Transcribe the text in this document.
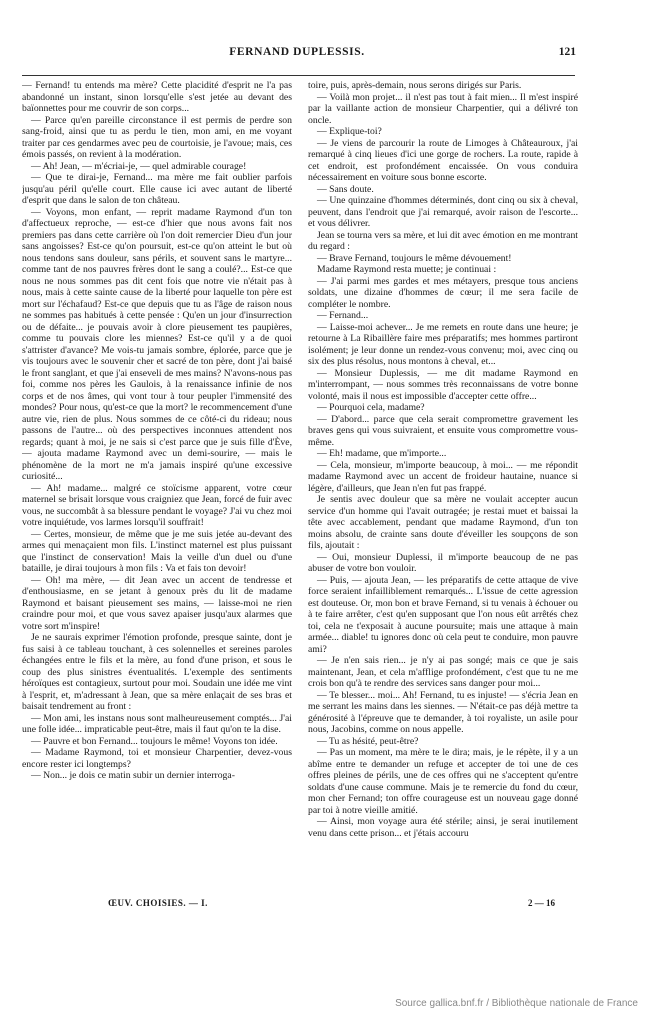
FERNAND DUPLESSIS.	121

— Fernand! tu entends ma mère? Cette placidité d'esprit ne l'a pas abandonné un instant, sinon lorsqu'elle s'est jetée au devant des baïonnettes pour me couvrir de son corps...

— Parce qu'en pareille circonstance il est permis de perdre son sang-froid, ainsi que tu as perdu le tien, mon ami, en me voyant traiter par ces gendarmes avec peu de courtoisie, je l'avoue; mais, ces émois passés, on revient à la modération.

— Ah! Jean, — m'écriai-je, — quel admirable courage!

— Que te dirai-je, Fernand... ma mère me fait oublier parfois jusqu'au péril qu'elle court. Elle cause ici avec autant de liberté d'esprit que dans le salon de ton château.

— Voyons, mon enfant, — reprit madame Raymond d'un ton d'affectueux reproche, — est-ce d'hier que nous avons fait nos premiers pas dans cette carrière où l'on doit remercier Dieu d'un jour sans angoisses? Est-ce qu'on poursuit, est-ce qu'on atteint le but où nous tendons sans douleur, sans périls, et souvent sans le martyre... comme tant de nos pauvres frères dont le sang a coulé?... Est-ce que nous ne nous sommes pas dit cent fois que notre vie n'était pas à nous, mais à cette sainte cause de la liberté pour laquelle ton père est mort sur l'échafaud? Est-ce que depuis que tu as l'âge de raison nous ne sommes pas habitués à cette pensée : Qu'en un jour d'insurrection ou de défaite... je pouvais avoir à clore pieusement tes paupières, comme tu pouvais clore les miennes? Est-ce qu'il y a de quoi s'attrister d'avance? Me vois-tu jamais sombre, éplorée, parce que je vis toujours avec le souvenir cher et sacré de ton père, dont j'ai baisé le front sanglant, et que j'ai enseveli de mes mains? N'avons-nous pas foi, comme nos pères les Gaulois, à la renaissance infinie de nos corps et de nos âmes, qui vont tour à tour peupler l'immensité des mondes? Pour nous, qu'est-ce que la mort? le recommencement d'une autre vie, rien de plus. Nous sommes de ce côté-ci du rideau; nous passons de l'autre... où des perspectives inconnues attendent nos regards; quant à moi, je ne sais si c'est parce que je suis fille d'Ève, — ajouta madame Raymond avec un demi-sourire, — mais le phénomène de la mort ne m'a jamais inspiré qu'une excessive curiosité...

— Ah! madame... malgré ce stoïcisme apparent, votre cœur maternel se brisait lorsque vous craigniez que Jean, forcé de fuir avec vous, ne succombât à sa blessure pendant le voyage? J'ai vu chez moi votre inquiétude, vos larmes lorsqu'il souffrait!

— Certes, monsieur, de même que je me suis jetée au-devant des armes qui menaçaient mon fils. L'instinct maternel est plus puissant que l'instinct de conservation! Mais la veille d'un duel ou d'une bataille, je dirai toujours à mon fils : Va et fais ton devoir!

— Oh! ma mère, — dit Jean avec un accent de tendresse et d'enthousiasme, en se jetant à genoux près du lit de madame Raymond et baisant pieusement ses mains, — laisse-moi ne rien craindre pour moi, et que vous savez apaiser jusqu'aux alarmes que votre sort m'inspire!

Je ne saurais exprimer l'émotion profonde, presque sainte, dont je fus saisi à ce tableau touchant, à ces solennelles et sereines paroles échangées entre le fils et la mère, au fond d'une prison, et sous le coup des plus sinistres éventualités. L'exemple des sentiments héroïques est contagieux, surtout pour moi. Soudain une idée me vint à l'esprit, et, m'adressant à Jean, que sa mère enlaçait de ses bras et baisait tendrement au front :

— Mon ami, les instans nous sont malheureusement comptés... J'ai une folle idée... impraticable peut-être, mais il faut qu'on te la dise.

— Pauvre et bon Fernand... toujours le même! Voyons ton idée.

— Madame Raymond, toi et monsieur Charpentier, devez-vous encore rester ici longtemps?

— Non... je dois ce matin subir un dernier interroga-

toire, puis, après-demain, nous serons dirigés sur Paris.

— Voilà mon projet... il n'est pas tout à fait mien... Il m'est inspiré par la vaillante action de monsieur Charpentier, qui a délivré ton oncle.

— Explique-toi?

— Je viens de parcourir la route de Limoges à Châteauroux, j'ai remarqué à cinq lieues d'ici une gorge de rochers. La route, rapide à cet endroit, est profondément encaissée. On vous conduira nécessairement en voiture sous bonne escorte.

— Sans doute.

— Une quinzaine d'hommes déterminés, dont cinq ou six à cheval, peuvent, dans l'endroit que j'ai remarqué, avoir raison de l'escorte... et vous délivrer.

Jean se tourna vers sa mère, et lui dit avec émotion en me montrant du regard :

— Brave Fernand, toujours le même dévouement!

Madame Raymond resta muette; je continuai :

— J'ai parmi mes gardes et mes métayers, presque tous anciens soldats, une dizaine d'hommes de cœur; il me sera facile de compléter le nombre.

— Fernand...

— Laisse-moi achever... Je me remets en route dans une heure; je retourne à La Ribaillère faire mes préparatifs; mes hommes partiront isolément; je leur donne un rendez-vous convenu; moi, avec cinq ou six des plus résolus, nous montons à cheval, et...

— Monsieur Duplessis, — me dit madame Raymond en m'interrompant, — nous sommes très reconnaissans de votre bonne volonté, mais il nous est impossible d'accepter cette offre...

— Pourquoi cela, madame?

— D'abord... parce que cela serait compromettre gravement les braves gens qui vous suivraient, et ensuite vous compromettre vous-même.

— Eh! madame, que m'importe...

— Cela, monsieur, m'importe beaucoup, à moi... — me répondit madame Raymond avec un accent de froideur hautaine, nuance si légère, d'ailleurs, que Jean n'en fut pas frappé.

Je sentis avec douleur que sa mère ne voulait accepter aucun service d'un homme qui l'avait outragée; je restai muet et baissai la tête avec accablement, pendant que madame Raymond, d'un ton moins absolu, de crainte sans doute d'éveiller les soupçons de son fils, ajoutait :

— Oui, monsieur Duplessi, il m'importe beaucoup de ne pas abuser de votre bon vouloir.

— Puis, — ajouta Jean, — les préparatifs de cette attaque de vive force seraient infailliblement remarqués... L'issue de cette agression est douteuse. Or, mon bon et brave Fernand, si tu venais à échouer ou à te faire arrêter, c'est qu'en supposant que l'on nous eût arrêtés chez toi, cela ne t'exposait à aucune poursuite; mais une attaque à main armée... diable! tu ignores donc où cela peut te conduire, mon pauvre ami?

— Je n'en sais rien... je n'y ai pas songé; mais ce que je sais maintenant, Jean, et cela m'afflige profondément, c'est que tu ne me crois bon qu'à te rendre des services sans danger pour moi...

— Te blesser... moi... Ah! Fernand, tu es injuste! — s'écria Jean en me serrant les mains dans les siennes. — N'était-ce pas déjà mettre ta générosité à l'épreuve que te demander, à toi royaliste, un asile pour nous, Jacobins, comme on nous appelle.

— Tu as hésité, peut-être?

— Pas un moment, ma mère te le dira; mais, je le répète, il y a un abîme entre te demander un refuge et accepter de toi une de ces offres pleines de périls, une de ces offres qui ne s'acceptent qu'entre soldats d'une cause commune. Mais je te remercie du fond du cœur, mon cher Fernand; ton offre courageuse est un nouveau gage donné par toi à notre vieille amitié.

— Ainsi, mon voyage aura été stérile; ainsi, je serai inutilement venu dans cette prison... et j'étais accouru

ŒUV. CHOISIES. — I.	2 — 16
Source gallica.bnf.fr / Bibliothèque nationale de France
